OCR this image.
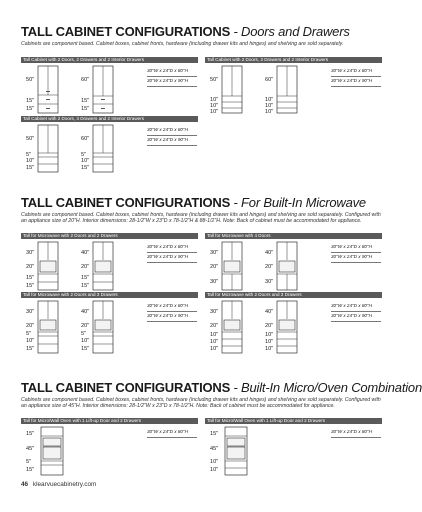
TALL CABINET CONFIGURATIONS - Doors and Drawers
Cabinets are component based. Cabinet boxes, cabinet fronts, hardware (including drawer kits and hinges) and shelving are sold separately.
Tall Cabinet with 2 Doors, 2 Drawers and 2 Interior Drawers
50"
15"
15"
60"
15"
15"
30"W x 24"D x 80"H
30"W x 24"D x 90"H
Tall Cabinet with 2 Doors, 3 Drawers and 2 Interior Drawers
50"
10"
10"
10"
60"
10"
10"
10"
30"W x 24"D x 80"H
30"W x 24"D x 90"H
Tall Cabinet with 2 Doors, 3 Drawers and 2 Interior Drawers
50"
5"
10"
15"
60"
5"
10"
15"
30"W x 24"D x 80"H
30"W x 24"D x 90"H
TALL CABINET CONFIGURATIONS - For Built-In Microwave
Cabinets are component based. Cabinet boxes, cabinet fronts, hardware (including drawer kits and hinges) and shelving are sold separately. Configured with an appliance size of 20"H. Interior dimensions: 28-1/2"W x 23"D x 78-1/2"H & 88-1/2"H. Note: Back of cabinet must be accommodated for appliance.
Tall for Microwave with 2 Doors and 2 Drawers
30"
20"
15"
15"
40"
20"
15"
15"
30"W x 24"D x 80"H
30"W x 24"D x 90"H
Tall for Microwave with 4 Doors
30"
20"
30"
40"
20"
30"
30"W x 24"D x 80"H
30"W x 24"D x 90"H
Tall for Microwave with 2 Doors and 3 Drawers
30"
20"
5"
10"
15"
40"
20"
5"
10"
15"
30"W x 24"D x 80"H
30"W x 24"D x 90"H
Tall for Microwave with 2 Doors and 3 Drawers
30"
20"
10"
10"
10"
40"
20"
10"
10"
10"
30"W x 24"D x 80"H
30"W x 24"D x 90"H
TALL CABINET CONFIGURATIONS - Built-In Micro/Oven Combination
Cabinets are component based. Cabinet boxes, cabinet fronts, hardware (including drawer kits and hinges) and shelving are sold separately. Configured with an appliance size of 45"H. Interior dimensions: 28-1/2"W x 23"D x 78-1/2"H. Note: Back of cabinet must be accommodated for appliance.
Tall for Micro/Wall Oven with 1 Lift-up Door and 2 Drawers
15"
45"
5"
15"
30"W x 24"D x 80"H
Tall for Micro/Wall Oven with 1 Lift-up Door and 2 Drawers
15"
45"
10"
10"
30"W x 24"D x 80"H
46 klearvuecabinetry.com
